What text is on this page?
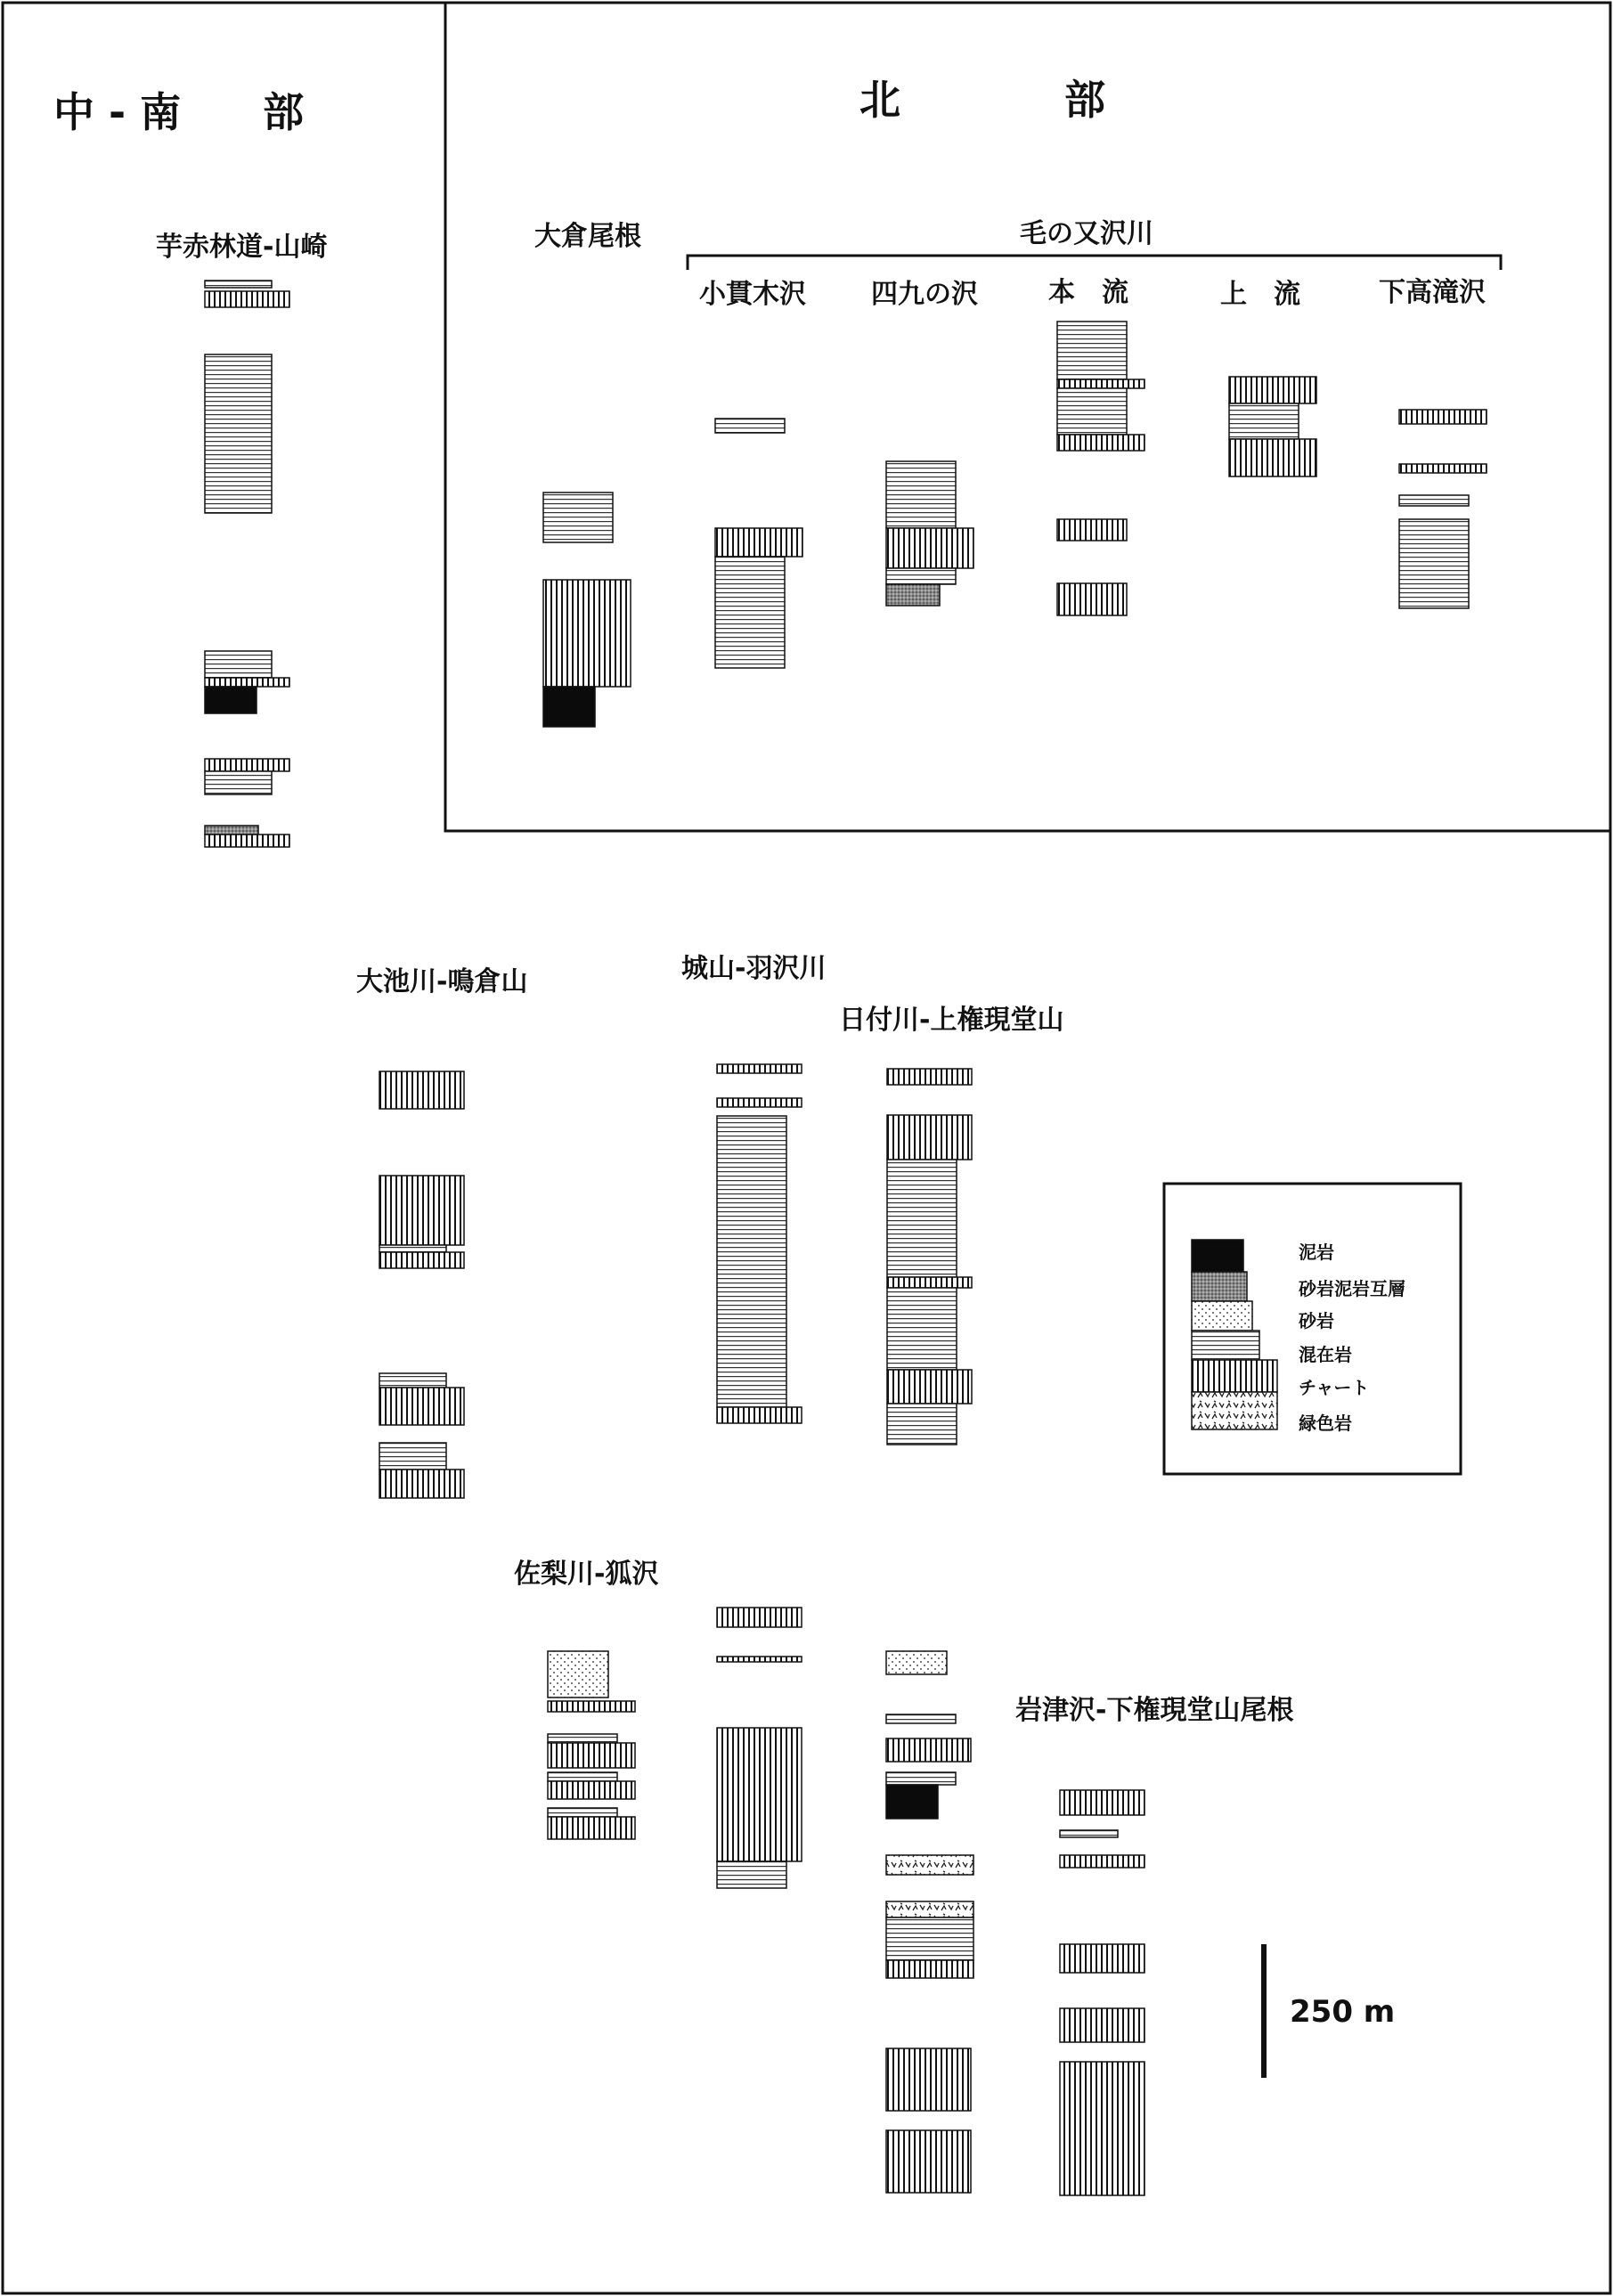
中 - 南　　部	北　　　　部
芋赤林道-山崎	大倉尾根	毛の又沢川
小貫木沢 四九の沢	本　流	上　流	下高滝沢
大池川-鳴倉山	城山-羽沢川
日付川-上権現堂山
佐梨川-狐沢
岩津沢-下権現堂山尾根
泥岩
砂岩泥岩互層
砂岩
混在岩
チャート
緑色岩
250 m
